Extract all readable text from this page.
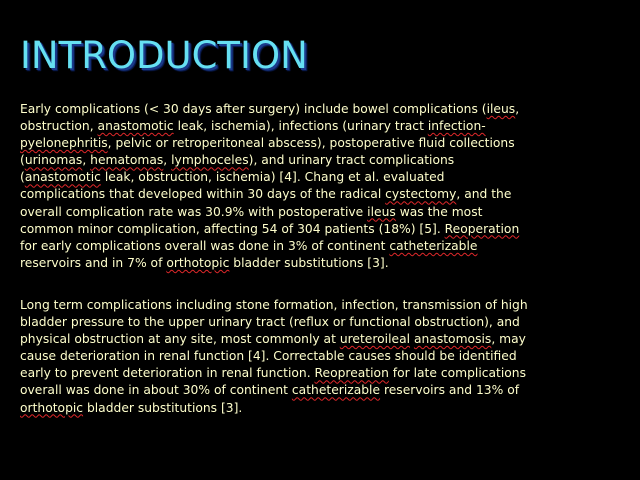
INTRODUCTION
Early complications (< 30 days after surgery) include bowel complications (ileus,
obstruction, anastomotic leak, ischemia), infections (urinary tract infection-
pyelonephritis, pelvic or retroperitoneal abscess), postoperative fluid collections
(urinomas, hematomas, lymphoceles), and urinary tract complications
(anastomotic leak, obstruction, ischemia) [4]. Chang et al. evaluated
complications that developed within 30 days of the radical cystectomy, and the
overall complication rate was 30.9% with postoperative ileus was the most
common minor complication, affecting 54 of 304 patients (18%) [5]. Reoperation
for early complications overall was done in 3% of continent catheterizable
reservoirs and in 7% of orthotopic bladder substitutions [3].
Long term complications including stone formation, infection, transmission of high
bladder pressure to the upper urinary tract (reflux or functional obstruction), and
physical obstruction at any site, most commonly at ureteroileal anastomosis, may
cause deterioration in renal function [4]. Correctable causes should be identified
early to prevent deterioration in renal function. Reopreation for late complications
overall was done in about 30% of continent catheterizable reservoirs and 13% of
orthotopic bladder substitutions [3].
